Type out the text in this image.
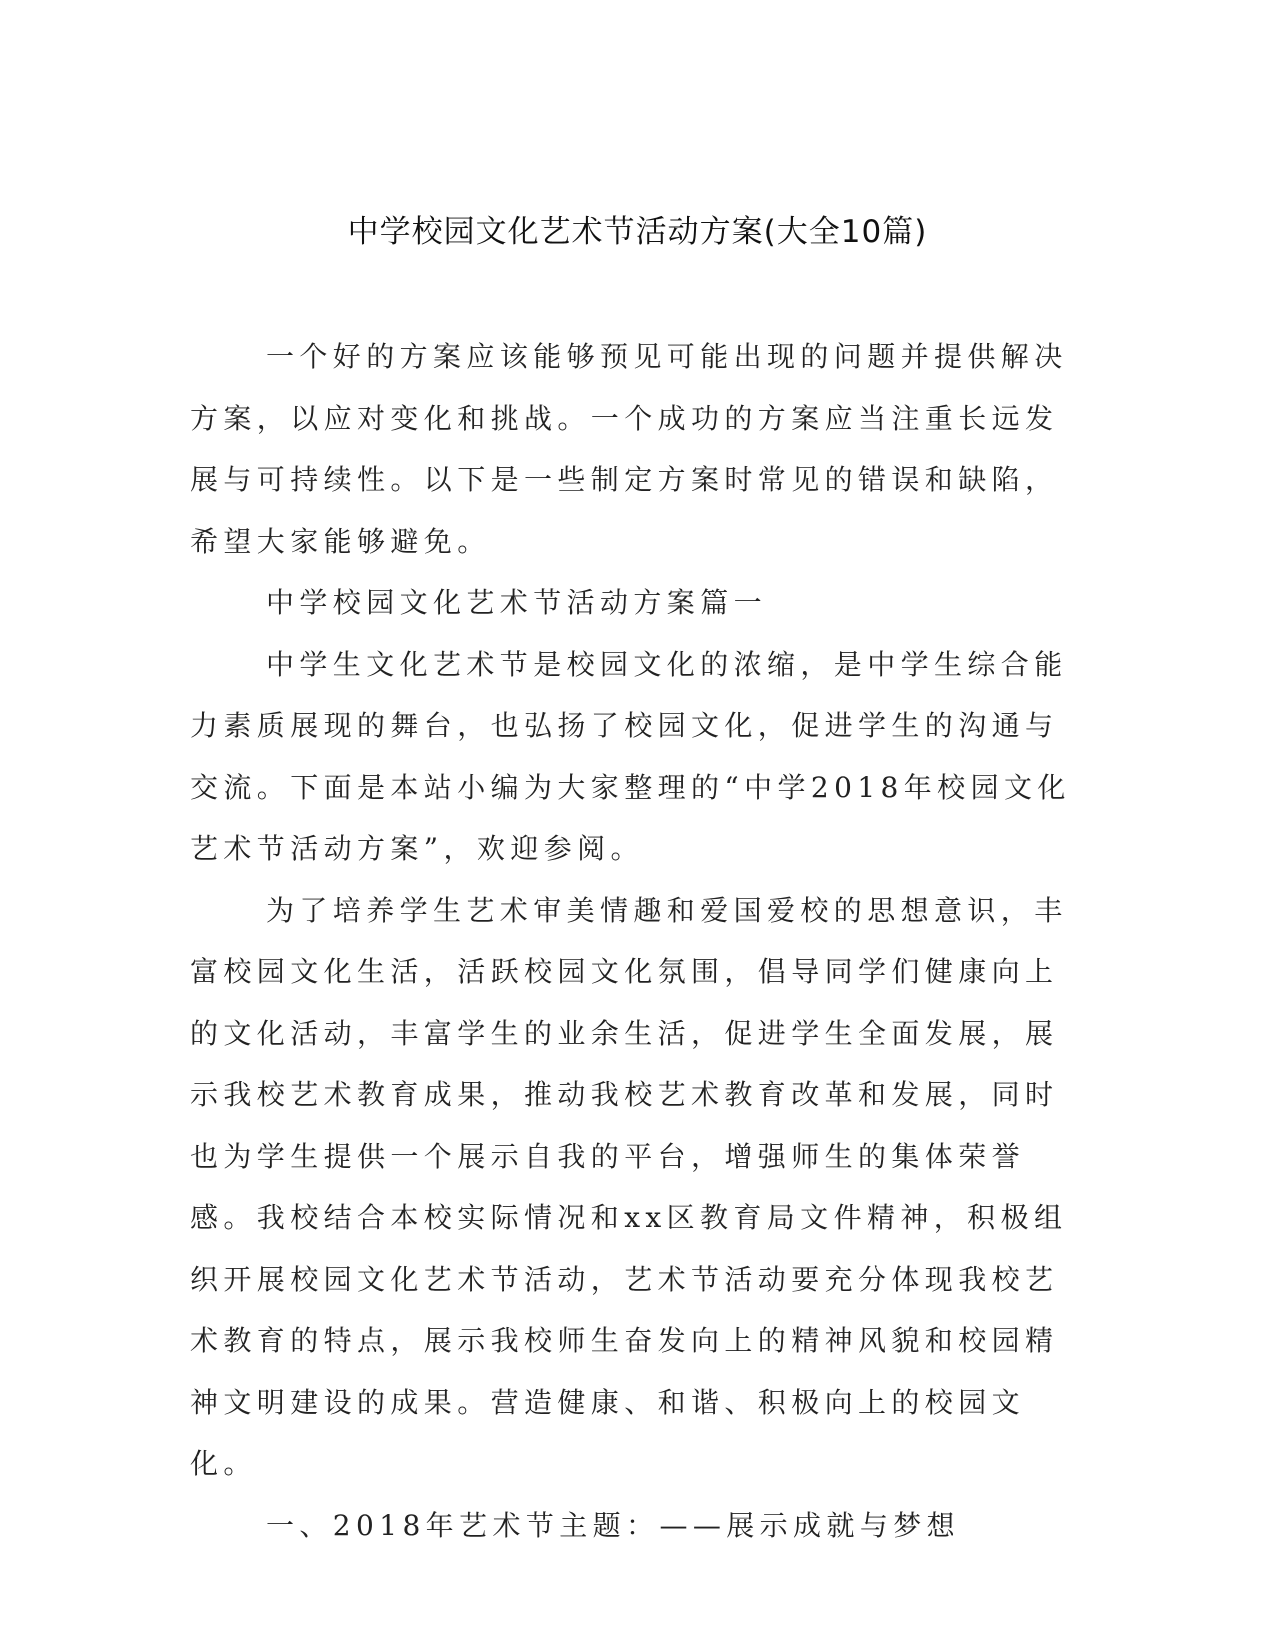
中学校园文化艺术节活动方案(大全10篇)

一个好的方案应该能够预见可能出现的问题并提供解决方案，以应对变化和挑战。一个成功的方案应当注重长远发展与可持续性。以下是一些制定方案时常见的错误和缺陷，希望大家能够避免。

中学校园文化艺术节活动方案篇一

中学生文化艺术节是校园文化的浓缩，是中学生综合能力素质展现的舞台，也弘扬了校园文化，促进学生的沟通与交流。下面是本站小编为大家整理的“中学2018年校园文化艺术节活动方案”，欢迎参阅。

为了培养学生艺术审美情趣和爱国爱校的思想意识，丰富校园文化生活，活跃校园文化氛围，倡导同学们健康向上的文化活动，丰富学生的业余生活，促进学生全面发展，展示我校艺术教育成果，推动我校艺术教育改革和发展，同时也为学生提供一个展示自我的平台，增强师生的集体荣誉感。我校结合本校实际情况和xx区教育局文件精神，积极组织开展校园文化艺术节活动，艺术节活动要充分体现我校艺术教育的特点，展示我校师生奋发向上的精神风貌和校园精神文明建设的成果。营造健康、和谐、积极向上的校园文化。

一、2018年艺术节主题：——展示成就与梦想
